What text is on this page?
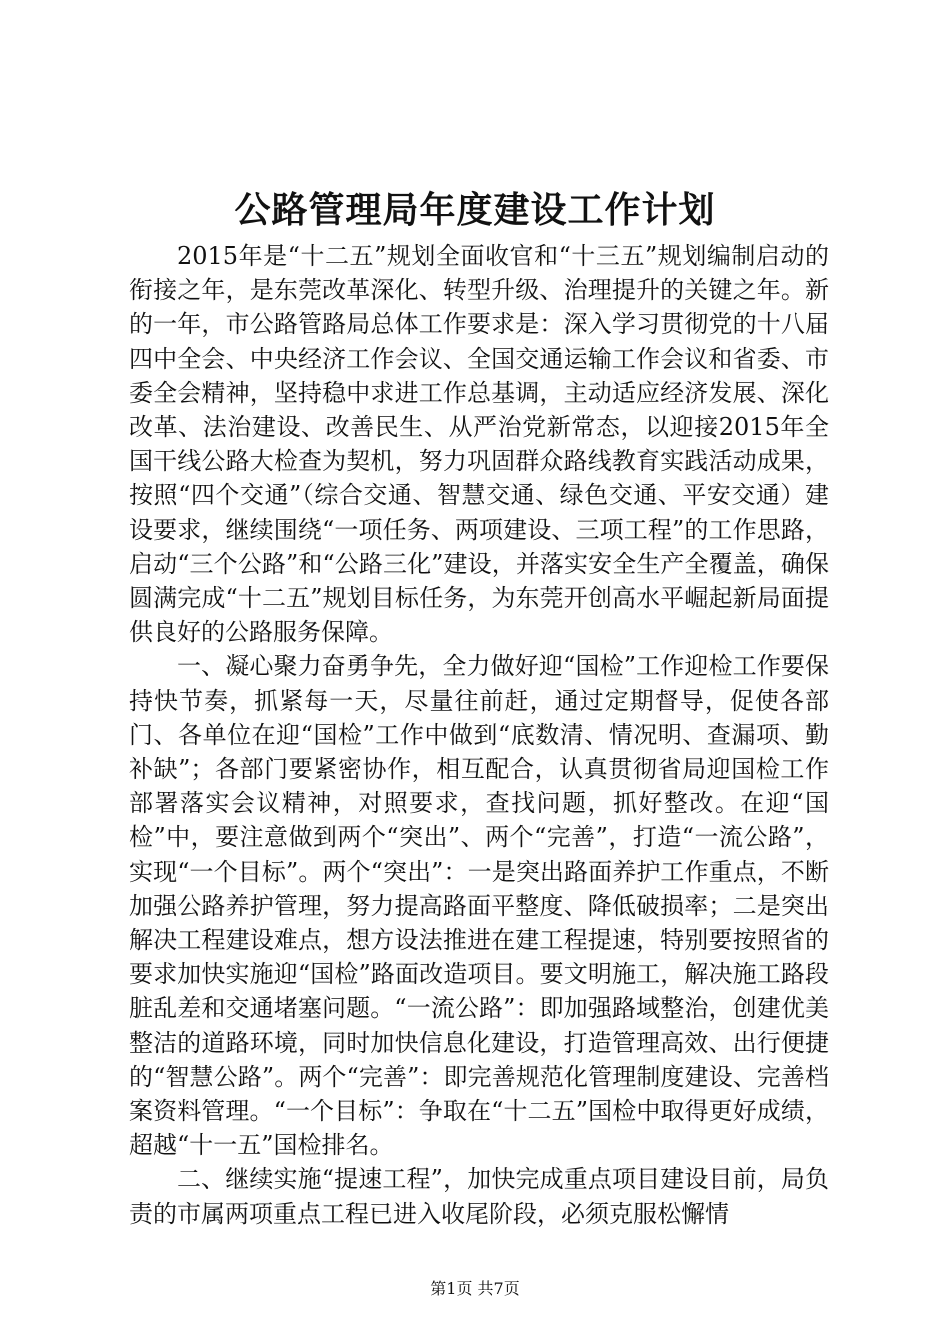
公路管理局年度建设工作计划

2015年是“十二五”规划全面收官和“十三五”规划编制启动的衔接之年，是东莞改革深化、转型升级、治理提升的关键之年。新的一年，市公路管路局总体工作要求是：深入学习贯彻党的十八届四中全会、中央经济工作会议、全国交通运输工作会议和省委、市委全会精神，坚持稳中求进工作总基调，主动适应经济发展、深化改革、法治建设、改善民生、从严治党新常态，以迎接2015年全国干线公路大检查为契机，努力巩固群众路线教育实践活动成果，按照“四个交通”（综合交通、智慧交通、绿色交通、平安交通）建设要求，继续围绕“一项任务、两项建设、三项工程”的工作思路，启动“三个公路”和“公路三化”建设，并落实安全生产全覆盖，确保圆满完成“十二五”规划目标任务，为东莞开创高水平崛起新局面提供良好的公路服务保障。

一、凝心聚力奋勇争先，全力做好迎“国检”工作迎检工作要保持快节奏，抓紧每一天，尽量往前赶，通过定期督导，促使各部门、各单位在迎“国检”工作中做到“底数清、情况明、查漏项、勤补缺”；各部门要紧密协作，相互配合，认真贯彻省局迎国检工作部署落实会议精神，对照要求，查找问题，抓好整改。在迎“国检”中，要注意做到两个“突出”、两个“完善”，打造“一流公路”，实现“一个目标”。两个“突出”：一是突出路面养护工作重点，不断加强公路养护管理，努力提高路面平整度、降低破损率；二是突出解决工程建设难点，想方设法推进在建工程提速，特别要按照省的要求加快实施迎“国检”路面改造项目。要文明施工，解决施工路段脏乱差和交通堵塞问题。“一流公路”：即加强路域整治，创建优美整洁的道路环境，同时加快信息化建设，打造管理高效、出行便捷的“智慧公路”。两个“完善”：即完善规范化管理制度建设、完善档案资料管理。“一个目标”：争取在“十二五”国检中取得更好成绩，超越“十一五”国检排名。

二、继续实施“提速工程”，加快完成重点项目建设目前，局负责的市属两项重点工程已进入收尾阶段，必须克服松懈情

第1页 共7页
